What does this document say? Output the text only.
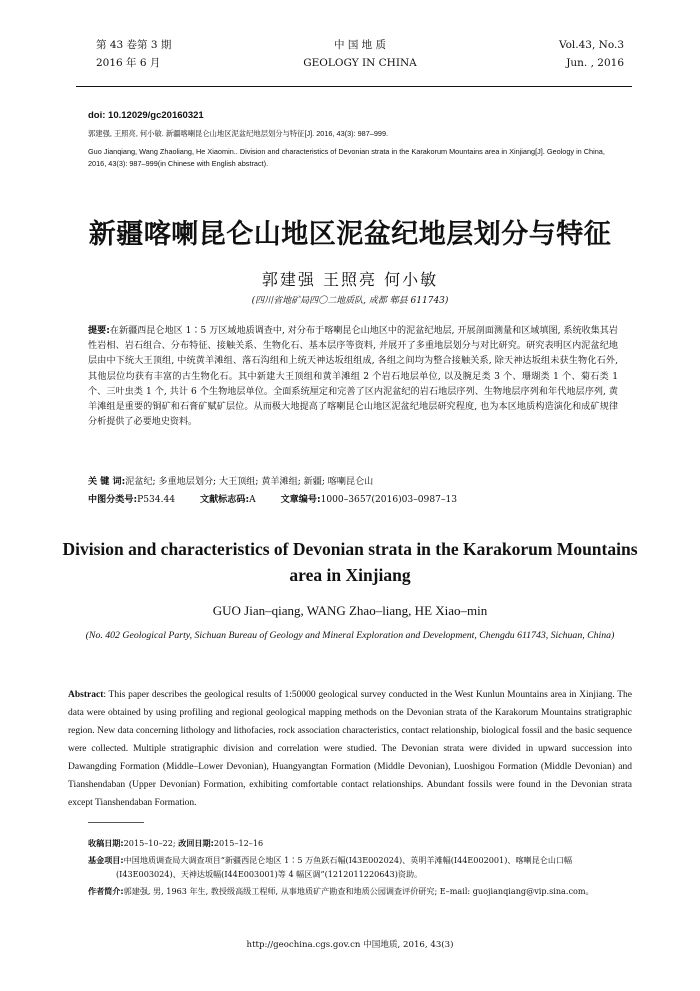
第 43 卷第 3 期
2016 年 6 月
中 国 地 质
GEOLOGY IN CHINA
Vol.43, No.3
Jun. , 2016
doi: 10.12029/gc20160321
郭建强, 王照亮, 何小敏. 新疆喀喇昆仑山地区泥盆纪地层划分与特征[J]. 2016, 43(3): 987–999.
Guo Jianqiang, Wang Zhaoliang, He Xiaomin.. Division and characteristics of Devonian strata in the Karakorum Mountains area in Xinjiang[J]. Geology in China, 2016, 43(3): 987–999(in Chinese with English abstract).
新疆喀喇昆仑山地区泥盆纪地层划分与特征
郭建强 王照亮 何小敏
(四川省地矿局四〇二地质队, 成都 郫县 611743)
提要:在新疆西昆仑地区 1∶5 万区域地质调查中, 对分布于喀喇昆仑山地区中的泥盆纪地层, 开展剖面测量和区域填图, 系统收集其岩性岩相、岩石组合、分布特征、接触关系、生物化石、基本层序等资料, 并展开了多重地层划分与对比研究。研究表明区内泥盆纪地层由中下统大王顶组, 中统黄羊滩组、落石沟组和上统天神达坂组组成, 各组之间均为整合接触关系, 除天神达坂组未获生物化石外, 其他层位均获有丰富的古生物化石。其中新建大王顶组和黄羊滩组 2 个岩石地层单位, 以及腕足类 3 个、珊瑚类 1 个、菊石类 1 个、三叶虫类 1 个, 共计 6 个生物地层单位。全面系统厘定和完善了区内泥盆纪的岩石地层序列、生物地层序列和年代地层序列, 黄羊滩组是重要的铜矿和石膏矿赋矿层位。从而极大地提高了喀喇昆仑山地区泥盆纪地层研究程度, 也为本区地质构造演化和成矿规律分析提供了必要地史资料。
关 键 词:泥盆纪; 多重地层划分; 大王顶组; 黄羊滩组; 新疆; 喀喇昆仑山
中图分类号:P534.44	文献标志码:A	文章编号:1000–3657(2016)03–0987–13
Division and characteristics of Devonian strata in the Karakorum Mountains area in Xinjiang
GUO Jian–qiang, WANG Zhao–liang, HE Xiao–min
(No. 402 Geological Party, Sichuan Bureau of Geology and Mineral Exploration and Development, Chengdu 611743, Sichuan, China)
Abstract: This paper describes the geological results of 1:50000 geological survey conducted in the West Kunlun Mountains area in Xinjiang. The data were obtained by using profiling and regional geological mapping methods on the Devonian strata of the Karakorum Mountains stratigraphic region. New data concerning lithology and lithofacies, rock association characteristics, contact relationship, biological fossil and the basic sequence were collected. Multiple stratigraphic division and correlation were studied. The Devonian strata were divided in upward succession into Dawangding Formation (Middle–Lower Devonian), Huangyangtan Formation (Middle Devonian), Luoshigou Formation (Middle Devonian) and Tianshendaban (Upper Devonian) Formation, exhibiting comfortable contact relationships. Abundant fossils were found in the Devonian strata except Tianshendaban Formation.
收稿日期:2015–10–22; 改回日期:2015–12–16
基金项目:中国地质调查局大调查项目“新疆西昆仑地区 1∶5 万鱼跃石幅(I43E002024)、英明羊滩幅(I44E002001)、喀喇昆仑山口幅
(I43E003024)、天神达坂幅(I44E003001)等 4 幅区调”(1212011220643)资助。
作者简介:郭建强, 男, 1963 年生, 教授级高级工程师, 从事地质矿产勘查和地质公园调查评价研究; E–mail: guojianqiang@vip.sina.com。
http://geochina.cgs.gov.cn 中国地质, 2016, 43(3)
